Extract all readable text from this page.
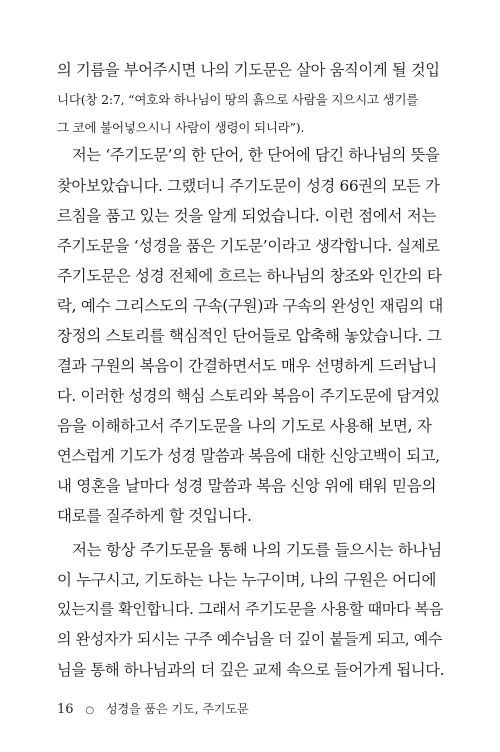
의 기름을 부어주시면 나의 기도문은 살아 움직이게 될 것입
니다(창 2:7, “여호와 하나님이 땅의 흙으로 사람을 지으시고 생기를
그 코에 불어넣으시니 사람이 생령이 되니라”).
저는 ‘주기도문’의 한 단어, 한 단어에 담긴 하나님의 뜻을
찾아보았습니다. 그랬더니 주기도문이 성경 66권의 모든 가
르침을 품고 있는 것을 알게 되었습니다. 이런 점에서 저는
주기도문을 ‘성경을 품은 기도문’이라고 생각합니다. 실제로
주기도문은 성경 전체에 흐르는 하나님의 창조와 인간의 타
락, 예수 그리스도의 구속(구원)과 구속의 완성인 재림의 대
장정의 스토리를 핵심적인 단어들로 압축해 놓았습니다. 그
결과 구원의 복음이 간결하면서도 매우 선명하게 드러납니
다. 이러한 성경의 핵심 스토리와 복음이 주기도문에 담겨있
음을 이해하고서 주기도문을 나의 기도로 사용해 보면, 자
연스럽게 기도가 성경 말씀과 복음에 대한 신앙고백이 되고,
내 영혼을 날마다 성경 말씀과 복음 신앙 위에 태워 믿음의
대로를 질주하게 할 것입니다.
저는 항상 주기도문을 통해 나의 기도를 들으시는 하나님
이 누구시고, 기도하는 나는 누구이며, 나의 구원은 어디에
있는지를 확인합니다. 그래서 주기도문을 사용할 때마다 복음
의 완성자가 되시는 구주 예수님을 더 깊이 붙들게 되고, 예수
님을 통해 하나님과의 더 깊은 교제 속으로 들어가게 됩니다.
16 ○ 성경을 품은 기도, 주기도문
